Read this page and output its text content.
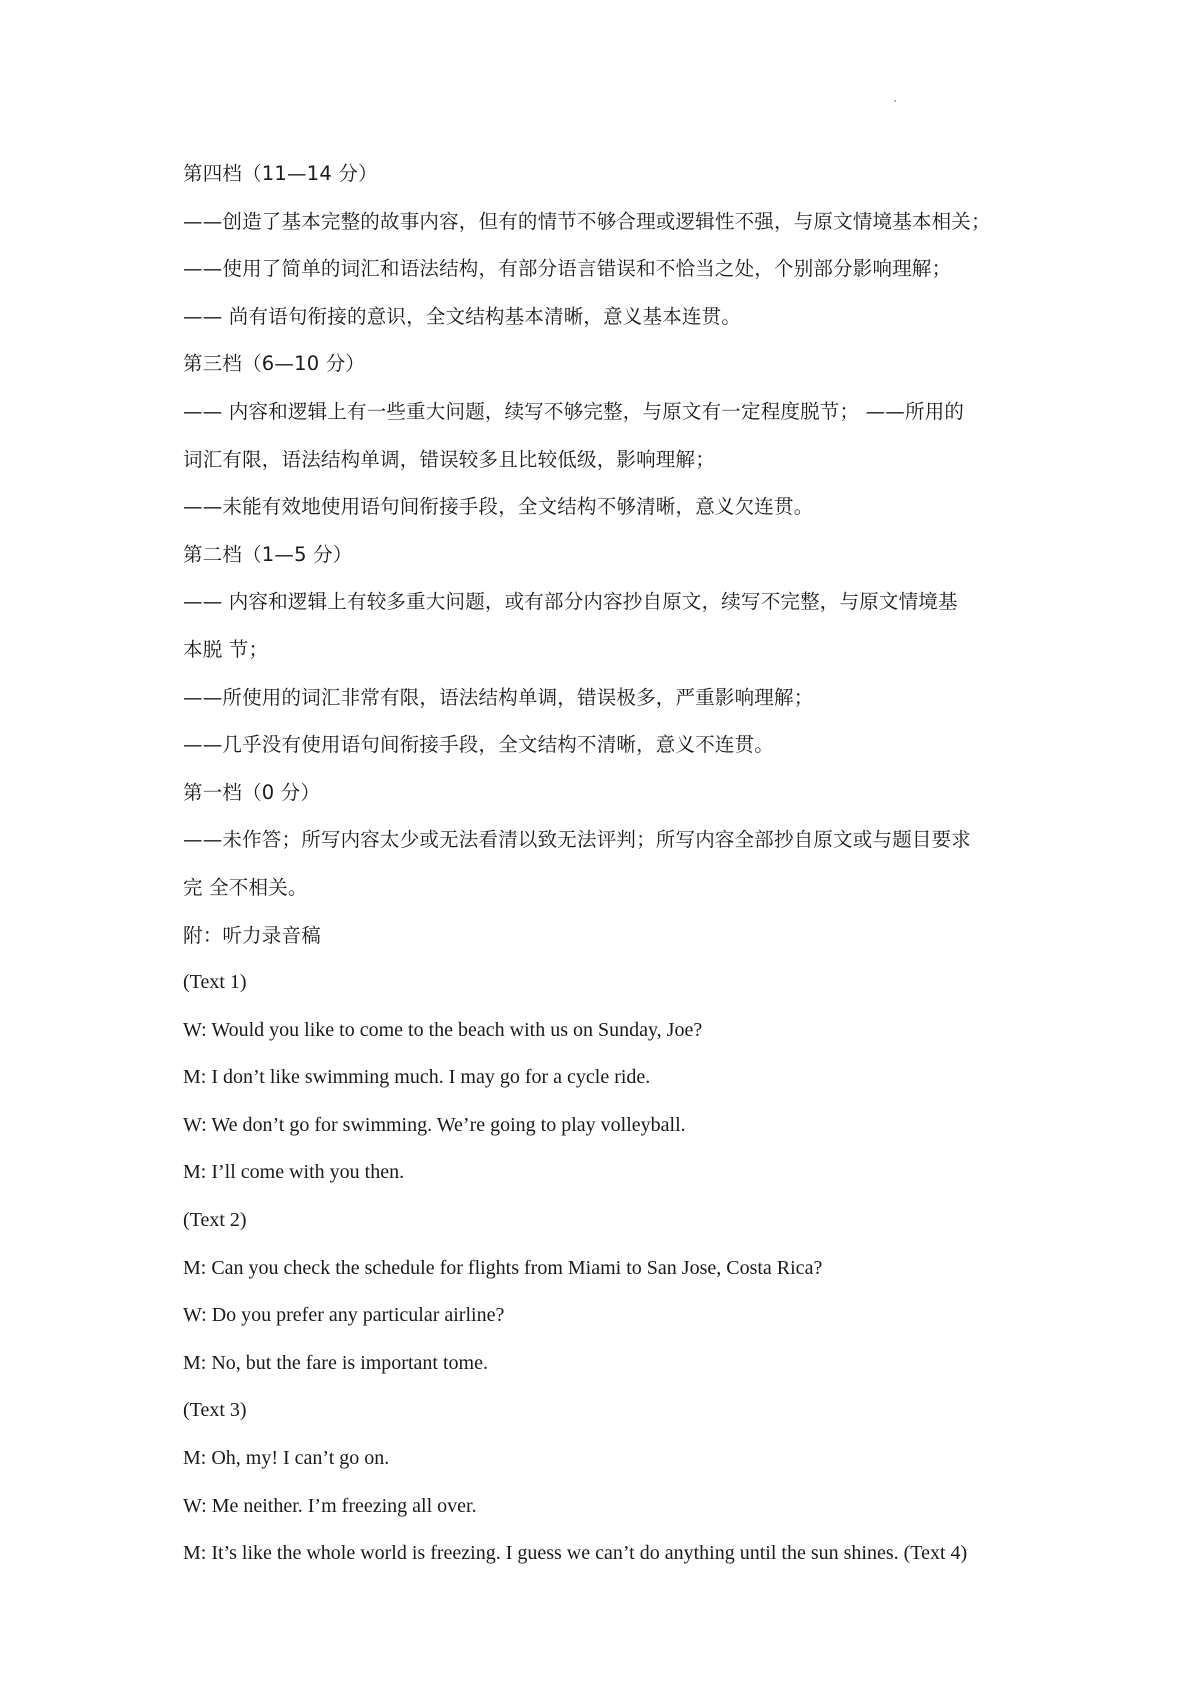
第四档（11—14 分）
——创造了基本完整的故事内容，但有的情节不够合理或逻辑性不强，与原文情境基本相关；
——使用了简单的词汇和语法结构，有部分语言错误和不恰当之处，个别部分影响理解；
—— 尚有语句衔接的意识，全文结构基本清晰，意义基本连贯。
第三档（6—10 分）
—— 内容和逻辑上有一些重大问题，续写不够完整，与原文有一定程度脱节； ——所用的
词汇有限，语法结构单调，错误较多且比较低级，影响理解；
——未能有效地使用语句间衔接手段，全文结构不够清晰，意义欠连贯。
第二档（1—5 分）
—— 内容和逻辑上有较多重大问题，或有部分内容抄自原文，续写不完整，与原文情境基
本脱 节；
——所使用的词汇非常有限，语法结构单调，错误极多，严重影响理解；
——几乎没有使用语句间衔接手段，全文结构不清晰，意义不连贯。
第一档（0 分）
——未作答；所写内容太少或无法看清以致无法评判；所写内容全部抄自原文或与题目要求
完 全不相关。
附：听力录音稿
(Text 1)
W: Would you like to come to the beach with us on Sunday, Joe?
M: I don’t like swimming much. I may go for a cycle ride.
W: We don’t go for swimming. We’re going to play volleyball.
M: I’ll come with you then.
(Text 2)
M: Can you check the schedule for flights from Miami to San Jose, Costa Rica?
W: Do you prefer any particular airline?
M: No, but the fare is important tome.
(Text 3)
M: Oh, my! I can’t go on.
W: Me neither. I’m freezing all over.
M: It’s like the whole world is freezing. I guess we can’t do anything until the sun shines. (Text 4)
